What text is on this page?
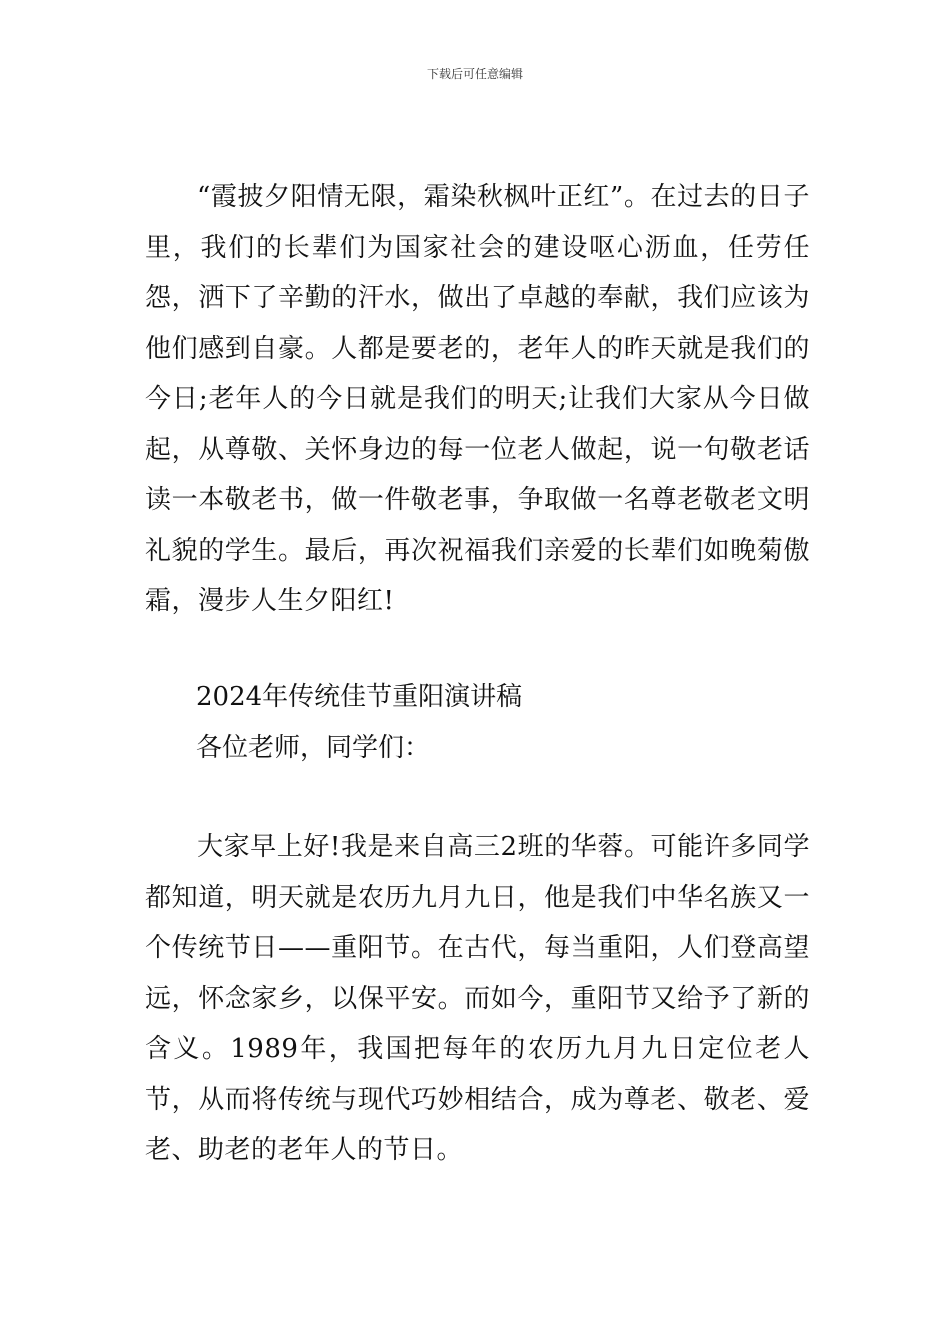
下载后可任意编辑

“霞披夕阳情无限，霜染秋枫叶正红”。在过去的日子里，我们的长辈们为国家社会的建设呕心沥血，任劳任怨，洒下了辛勤的汗水，做出了卓越的奉献，我们应该为他们感到自豪。人都是要老的，老年人的昨天就是我们的今日;老年人的今日就是我们的明天;让我们大家从今日做起，从尊敬、关怀身边的每一位老人做起，说一句敬老话读一本敬老书，做一件敬老事，争取做一名尊老敬老文明礼貌的学生。最后，再次祝福我们亲爱的长辈们如晚菊傲霜，漫步人生夕阳红!

2024年传统佳节重阳演讲稿

各位老师，同学们：

大家早上好!我是来自高三2班的华蓉。可能许多同学都知道，明天就是农历九月九日，他是我们中华名族又一个传统节日——重阳节。在古代，每当重阳，人们登高望远，怀念家乡，以保平安。而如今，重阳节又给予了新的含义。1989年，我国把每年的农历九月九日定位老人节，从而将传统与现代巧妙相结合，成为尊老、敬老、爱老、助老的老年人的节日。
